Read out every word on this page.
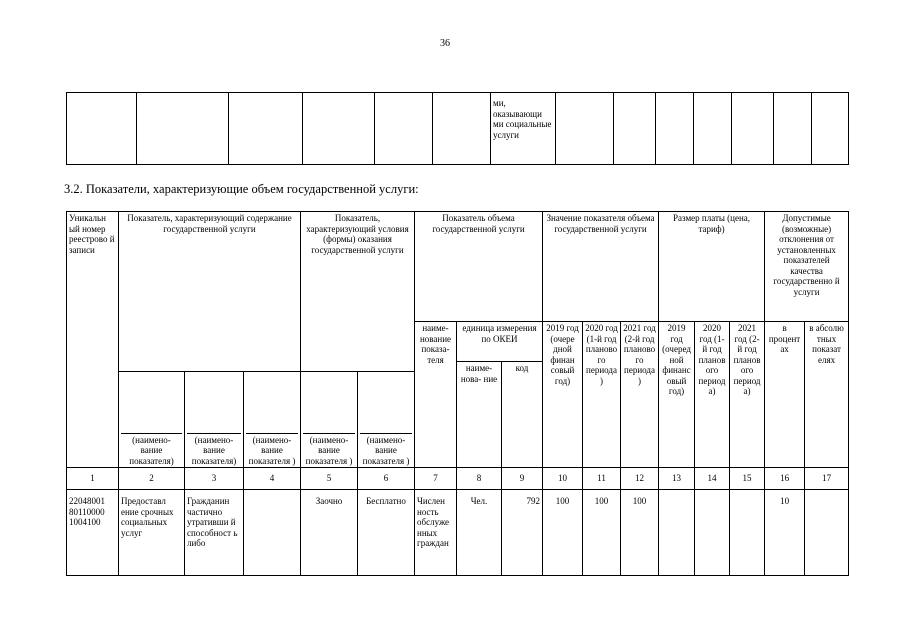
36
						ми, оказывающи ми социальные услуги							
3.2. Показатели, характеризующие объем государственной услуги:
Уникальн ый номер реестрово й записи	Показатель, характеризующий содержание государственной услуги			Показатель, характеризующий условия (формы) оказания государственной услуги		Показатель объема государственной услуги			Значение показателя объема государственной услуги			Размер платы (цена, тариф)			Допустимые (возможные) отклонения от установленных показателей качества государственно й услуги	
						наиме- нование показа- теля	единица измерения по ОКЕИ		2019 год (очере дной финан совый год)	2020 год (1-й год планово го периода )	2021 год (2-й год планово го периода )	2019 год (очеред ной финанс овый год)	2020 год (1- й год планов ого период а)	2021 год (2- й год планов ого период а)	в процент ах	в абсолю тных показат елях
							наиме- нова- ние	код								
	(наимено- вание показателя)	(наимено- вание показателя)	(наимено- вание показателя )	(наимено- вание показателя )	(наимено- вание показателя )											
1	2	3	4	5	6	7	8	9	10	11	12	13	14	15	16	17
22048001 80110000 1004100	Предоставл ение срочных социальных услуг	Гражданин частично утративши й способност ь либо		Заочно	Бесплатно	Числен ность обслуже нных граждан	Чел.	792	100	100	100				10	
